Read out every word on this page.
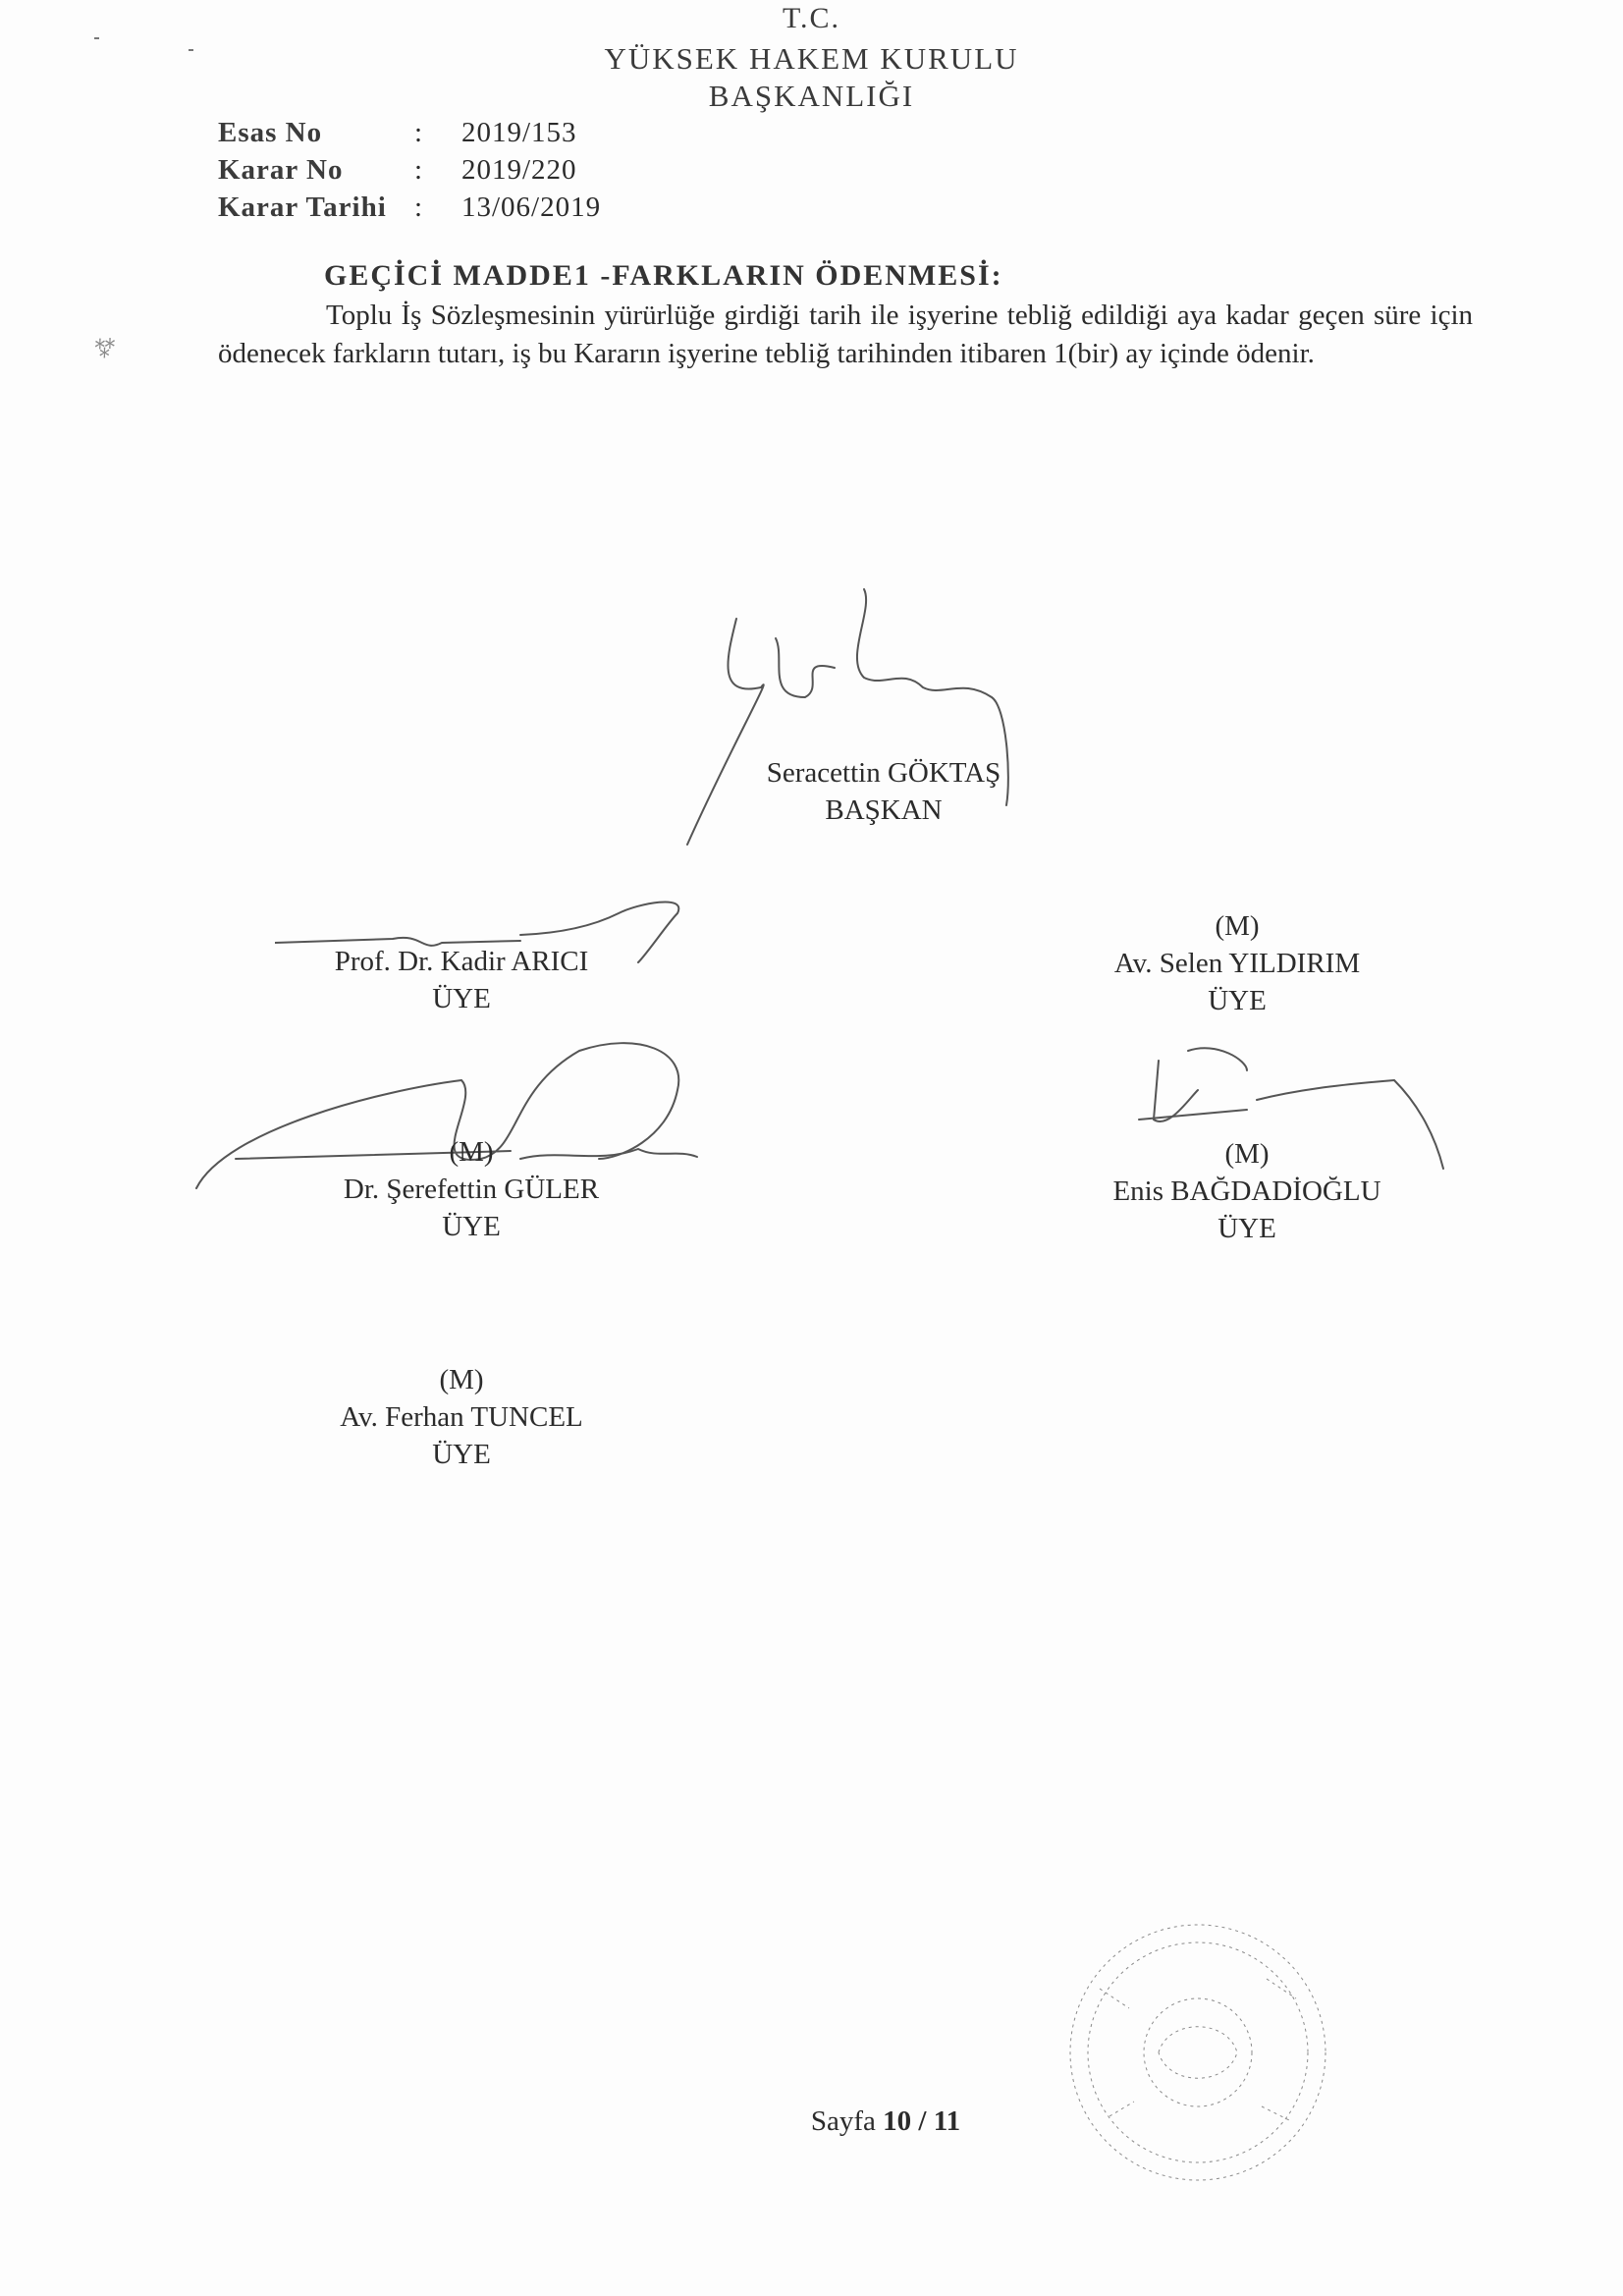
T.C.
YÜKSEK HAKEM KURULU
BAŞKANLIĞI
Esas No	:	2019/153
Karar No	:	2019/220
Karar Tarihi :	13/06/2019
⁂
GEÇİCİ MADDE1 -FARKLARIN ÖDENMESİ:
Toplu İş Sözleşmesinin yürürlüğe girdiği tarih ile işyerine tebliğ edildiği aya kadar geçen süre için ödenecek farkların tutarı, iş bu Kararın işyerine tebliğ tarihinden itibaren 1(bir) ay içinde ödenir.
Seracettin GÖKTAŞ
BAŞKAN
Prof. Dr. Kadir ARICI
ÜYE
(M)
Av. Selen YILDIRIM
ÜYE
(M)
Dr. Şerefettin GÜLER
ÜYE
(M)
Enis BAĞDADİOĞLU
ÜYE
(M)
Av. Ferhan TUNCEL
ÜYE
Sayfa 10 / 11
